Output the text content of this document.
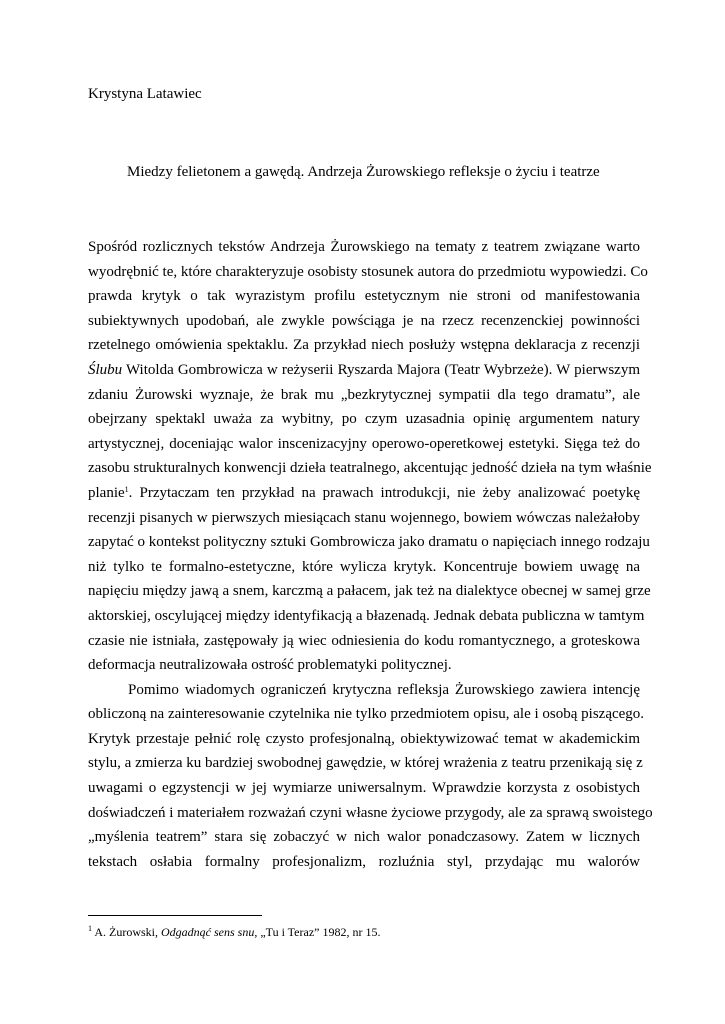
Krystyna Latawiec
Miedzy felietonem a gawędą. Andrzeja Żurowskiego refleksje o życiu i teatrze
Spośród rozlicznych tekstów Andrzeja Żurowskiego na tematy z teatrem związane warto
wyodrębnić te, które charakteryzuje osobisty stosunek autora do przedmiotu wypowiedzi. Co
prawda krytyk o tak wyrazistym profilu estetycznym nie stroni od manifestowania
subiektywnych upodobań, ale zwykle powściąga je na rzecz recenzenckiej powinności
rzetelnego omówienia spektaklu. Za przykład niech posłuży wstępna deklaracja z recenzji
Ślubu Witolda Gombrowicza w reżyserii Ryszarda Majora (Teatr Wybrzeże). W pierwszym
zdaniu Żurowski wyznaje, że brak mu „bezkrytycznej sympatii dla tego dramatu”, ale
obejrzany spektakl uważa za wybitny, po czym uzasadnia opinię argumentem natury
artystycznej, doceniając walor inscenizacyjny operowo-operetkowej estetyki. Sięga też do
zasobu strukturalnych konwencji dzieła teatralnego, akcentując jedność dzieła na tym właśnie
planie$^1$. Przytaczam ten przykład na prawach introdukcji, nie żeby analizować poetykę
recenzji pisanych w pierwszych miesiącach stanu wojennego, bowiem wówczas należałoby
zapytać o kontekst polityczny sztuki Gombrowicza jako dramatu o napięciach innego rodzaju
niż tylko te formalno-estetyczne, które wylicza krytyk. Koncentruje bowiem uwagę na
napięciu między jawą a snem, karczmą a pałacem, jak też na dialektyce obecnej w samej grze
aktorskiej, oscylującej między identyfikacją a błazenadą. Jednak debata publiczna w tamtym
czasie nie istniała, zastępowały ją wiec odniesienia do kodu romantycznego, a groteskowa
deformacja neutralizowała ostrość problematyki politycznej.
Pomimo wiadomych ograniczeń krytyczna refleksja Żurowskiego zawiera intencję
obliczoną na zainteresowanie czytelnika nie tylko przedmiotem opisu, ale i osobą piszącego.
Krytyk przestaje pełnić rolę czysto profesjonalną, obiektywizować temat w akademickim
stylu, a zmierza ku bardziej swobodnej gawędzie, w której wrażenia z teatru przenikają się z
uwagami o egzystencji w jej wymiarze uniwersalnym. Wprawdzie korzysta z osobistych
doświadczeń i materiałem rozważań czyni własne życiowe przygody, ale za sprawą swoistego
„myślenia teatrem” stara się zobaczyć w nich walor ponadczasowy. Zatem w licznych
tekstach osłabia formalny profesjonalizm, rozluźnia styl, przydając mu walorów
$^1$ A. Żurowski, Odgadnąć sens snu, „Tu i Teraz” 1982, nr 15.
